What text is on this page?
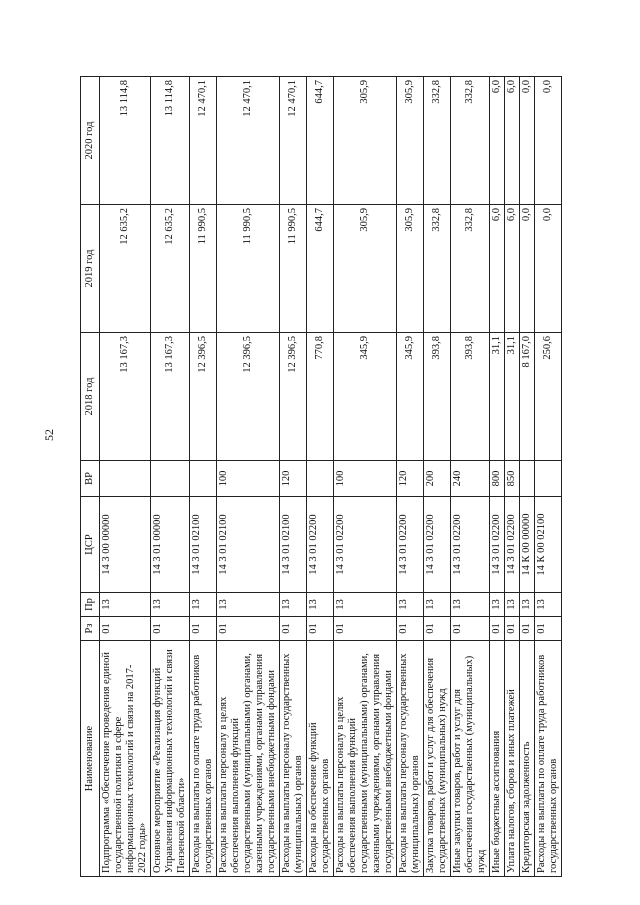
52
Наименование	Рз	Пр	ЦСР	ВР	2018 год	2019 год	2020 год
Подпрограмма «Обеспечение проведения единой государственной политики в сфере информационных технологий и связи на 2017-2022 годы»	01	13	14 3 00 00000		13 167,3	12 635,2	13 114,8
Основное мероприятие «Реализация функций Управления информационных технологий и связи Пензенской области»	01	13	14 3 01 00000		13 167,3	12 635,2	13 114,8
Расходы на выплаты по оплате труда работников государственных органов	01	13	14 3 01 02100		12 396,5	11 990,5	12 470,1
Расходы на выплаты персоналу в целях обеспечения выполнения функций государственными (муниципальными) органами, казенными учреждениями, органами управления государственными внебюджетными фондами	01	13	14 3 01 02100	100	12 396,5	11 990,5	12 470,1
Расходы на выплаты персоналу государственных (муниципальных) органов	01	13	14 3 01 02100	120	12 396,5	11 990,5	12 470,1
Расходы на обеспечение функций государственных органов	01	13	14 3 01 02200		770,8	644,7	644,7
Расходы на выплаты персоналу в целях обеспечения выполнения функций государственными (муниципальными) органами, казенными учреждениями, органами управления государственными внебюджетными фондами	01	13	14 3 01 02200	100	345,9	305,9	305,9
Расходы на выплаты персоналу государственных (муниципальных) органов	01	13	14 3 01 02200	120	345,9	305,9	305,9
Закупка товаров, работ и услуг для обеспечения государственных (муниципальных) нужд	01	13	14 3 01 02200	200	393,8	332,8	332,8
Иные закупки товаров, работ и услуг для обеспечения государственных (муниципальных) нужд	01	13	14 3 01 02200	240	393,8	332,8	332,8
Иные бюджетные ассигнования	01	13	14 3 01 02200	800	31,1	6,0	6,0
Уплата налогов, сборов и иных платежей	01	13	14 3 01 02200	850	31,1	6,0	6,0
Кредиторская задолженность	01	13	14 К 00 00000		8 167,0	0,0	0,0
Расходы на выплаты по оплате труда работников государственных органов	01	13	14 К 00 02100		250,6	0,0	0,0
